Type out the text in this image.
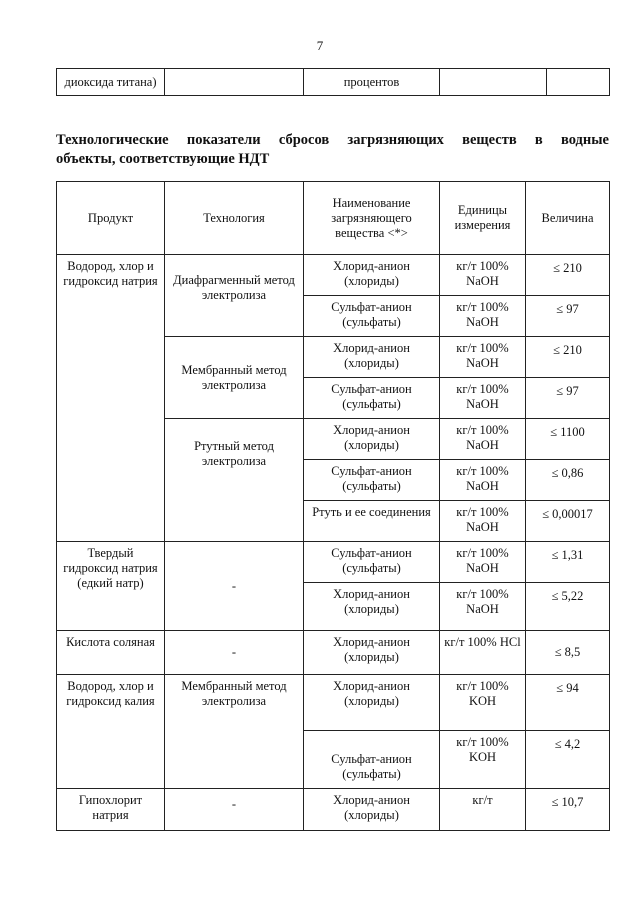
7
диоксида титана)		процентов		
Технологические показатели сбросов загрязняющих веществ в водные
объекты, соответствующие НДТ
Продукт	Технология	Наименование загрязняющего вещества <*>	Единицы измерения	Величина
Водород, хлор и гидроксид натрия	Диафрагменный метод электролиза	Хлорид-анион (хлориды)	кг/т 100% NaOH	≤ 210
		Сульфат-анион (сульфаты)	кг/т 100% NaOH	≤ 97
	Мембранный метод электролиза	Хлорид-анион (хлориды)	кг/т 100% NaOH	≤ 210
		Сульфат-анион (сульфаты)	кг/т 100% NaOH	≤ 97
	Ртутный метод электролиза	Хлорид-анион (хлориды)	кг/т 100% NaOH	≤ 1100
		Сульфат-анион (сульфаты)	кг/т 100% NaOH	≤ 0,86
		Ртуть и ее соединения	кг/т 100% NaOH	≤ 0,00017
Твердый гидроксид натрия (едкий натр)	-	Сульфат-анион (сульфаты)	кг/т 100% NaOH	≤ 1,31
		Хлорид-анион (хлориды)	кг/т 100% NaOH	≤ 5,22
Кислота соляная	-	Хлорид-анион (хлориды)	кг/т 100% HCl	≤ 8,5
Водород, хлор и гидроксид калия	Мембранный метод электролиза	Хлорид-анион (хлориды)	кг/т 100% KOH	≤ 94
		Сульфат-анион (сульфаты)	кг/т 100% KOH	≤ 4,2
Гипохлорит натрия	-	Хлорид-анион (хлориды)	кг/т	≤ 10,7
